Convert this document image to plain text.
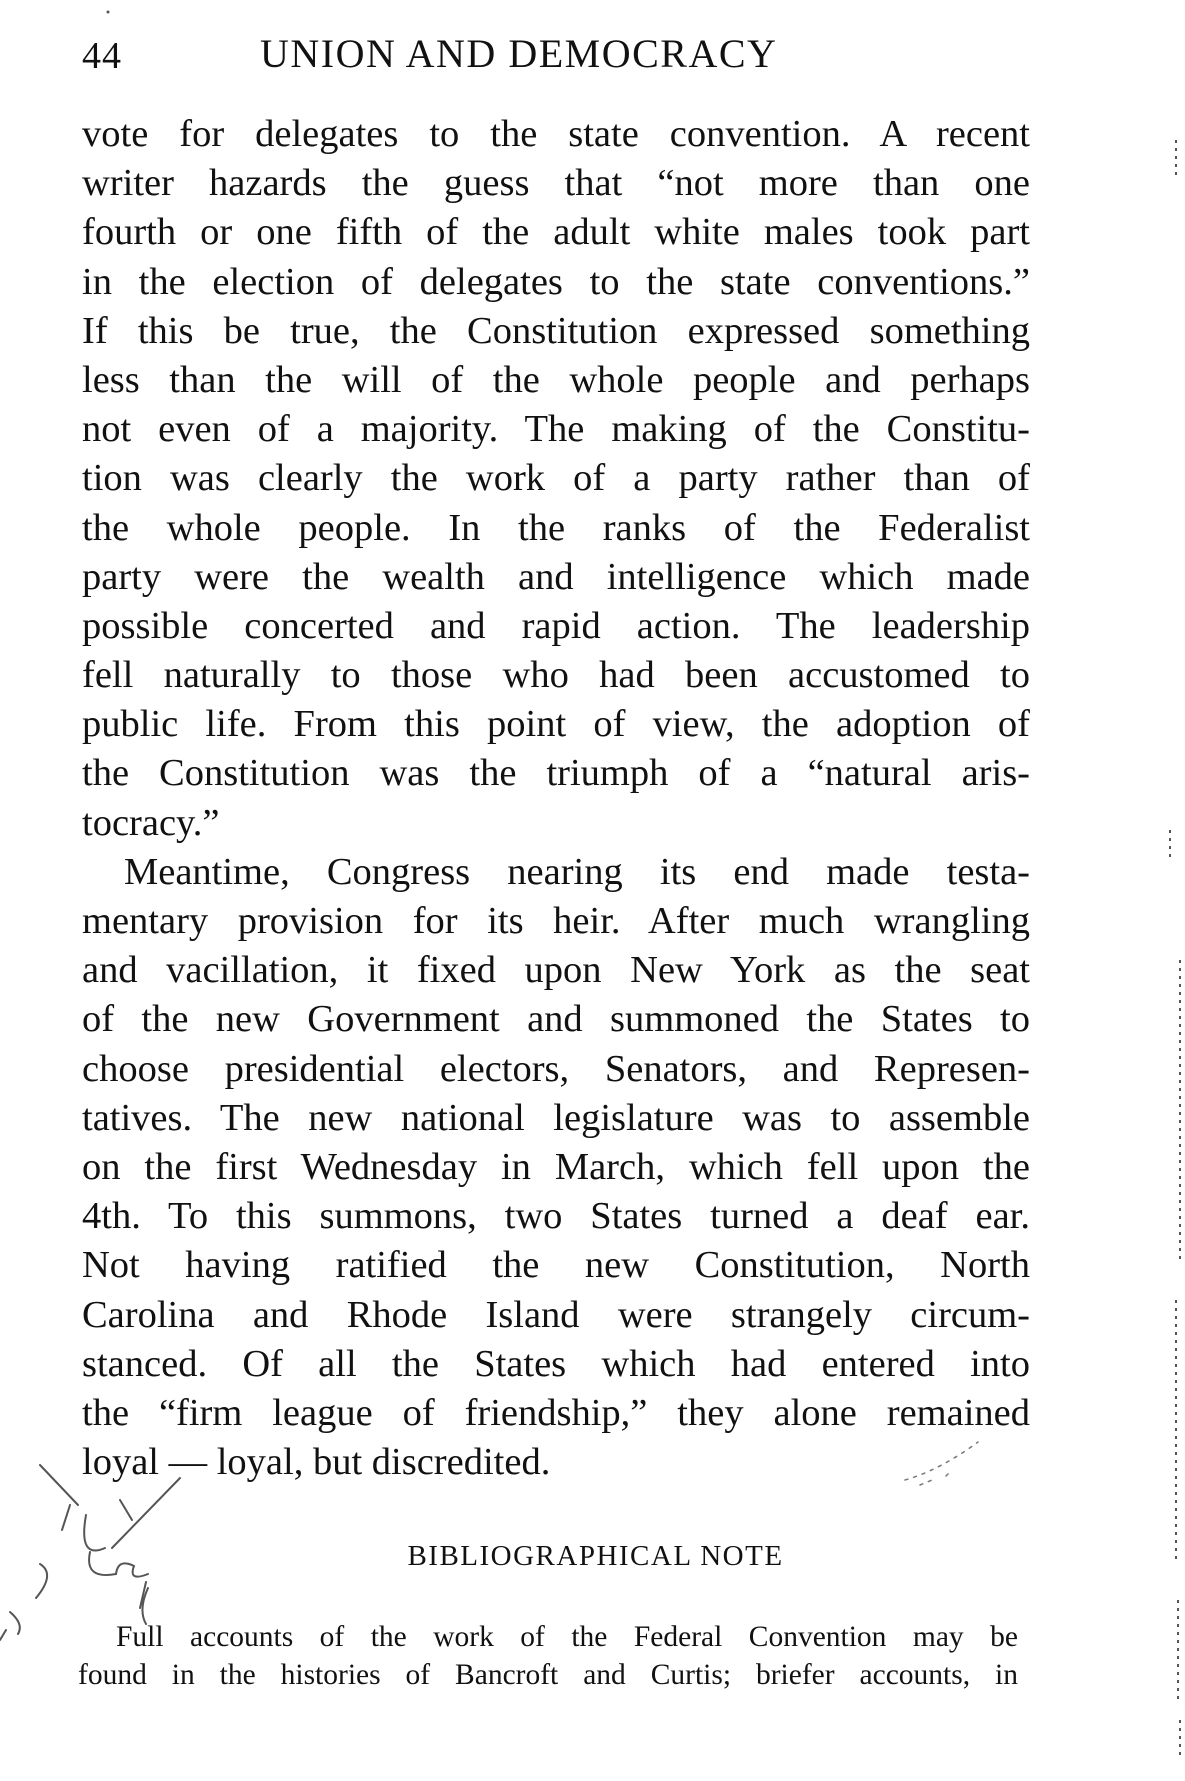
44	UNION AND DEMOCRACY
vote for delegates to the state convention. A recent
writer hazards the guess that “not more than one
fourth or one fifth of the adult white males took part
in the election of delegates to the state conventions.”
If this be true, the Constitution expressed something
less than the will of the whole people and perhaps
not even of a majority. The making of the Constitu-
tion was clearly the work of a party rather than of
the whole people. In the ranks of the Federalist
party were the wealth and intelligence which made
possible concerted and rapid action. The leadership
fell naturally to those who had been accustomed to
public life. From this point of view, the adoption of
the Constitution was the triumph of a “natural aris-
tocracy.”
Meantime, Congress nearing its end made testa-
mentary provision for its heir. After much wrangling
and vacillation, it fixed upon New York as the seat
of the new Government and summoned the States to
choose presidential electors, Senators, and Represen-
tatives. The new national legislature was to assemble
on the first Wednesday in March, which fell upon the
4th. To this summons, two States turned a deaf ear.
Not having ratified the new Constitution, North
Carolina and Rhode Island were strangely circum-
stanced. Of all the States which had entered into
the “firm league of friendship,” they alone remained
loyal — loyal, but discredited.
BIBLIOGRAPHICAL NOTE
Full accounts of the work of the Federal Convention may be
found in the histories of Bancroft and Curtis; briefer accounts, in
